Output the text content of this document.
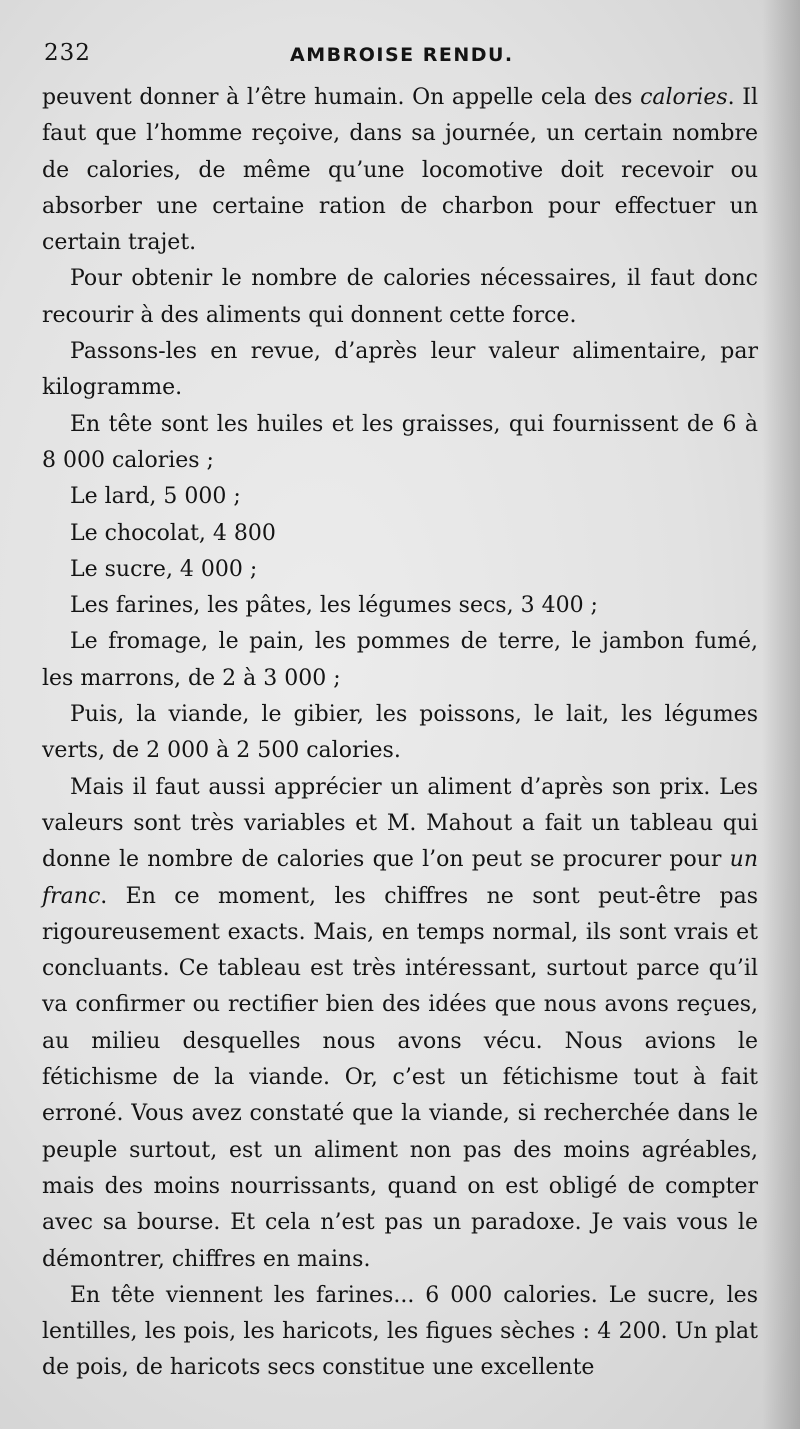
232	AMBROISE RENDU.

peuvent donner à l’être humain. On appelle cela des calories. Il faut que l’homme reçoive, dans sa journée, un certain nombre de calories, de même qu’une locomotive doit recevoir ou absorber une certaine ration de charbon pour effectuer un certain trajet.

Pour obtenir le nombre de calories nécessaires, il faut donc recourir à des aliments qui donnent cette force.

Passons-les en revue, d’après leur valeur alimentaire, par kilogramme.

En tête sont les huiles et les graisses, qui fournissent de 6 à 8 000 calories ;

Le lard, 5 000 ;

Le chocolat, 4 800

Le sucre, 4 000 ;

Les farines, les pâtes, les légumes secs, 3 400 ;

Le fromage, le pain, les pommes de terre, le jambon fumé, les marrons, de 2 à 3 000 ;

Puis, la viande, le gibier, les poissons, le lait, les légumes verts, de 2 000 à 2 500 calories.

Mais il faut aussi apprécier un aliment d’après son prix. Les valeurs sont très variables et M. Mahout a fait un tableau qui donne le nombre de calories que l’on peut se procurer pour un franc. En ce moment, les chiffres ne sont peut-être pas rigoureusement exacts. Mais, en temps normal, ils sont vrais et concluants. Ce tableau est très intéressant, surtout parce qu’il va confirmer ou rectifier bien des idées que nous avons reçues, au milieu desquelles nous avons vécu. Nous avions le fétichisme de la viande. Or, c’est un fétichisme tout à fait erroné. Vous avez constaté que la viande, si recherchée dans le peuple surtout, est un aliment non pas des moins agréables, mais des moins nourrissants, quand on est obligé de compter avec sa bourse. Et cela n’est pas un paradoxe. Je vais vous le démontrer, chiffres en mains.

En tête viennent les farines... 6 000 calories. Le sucre, les lentilles, les pois, les haricots, les figues sèches : 4 200. Un plat de pois, de haricots secs constitue une excellente
